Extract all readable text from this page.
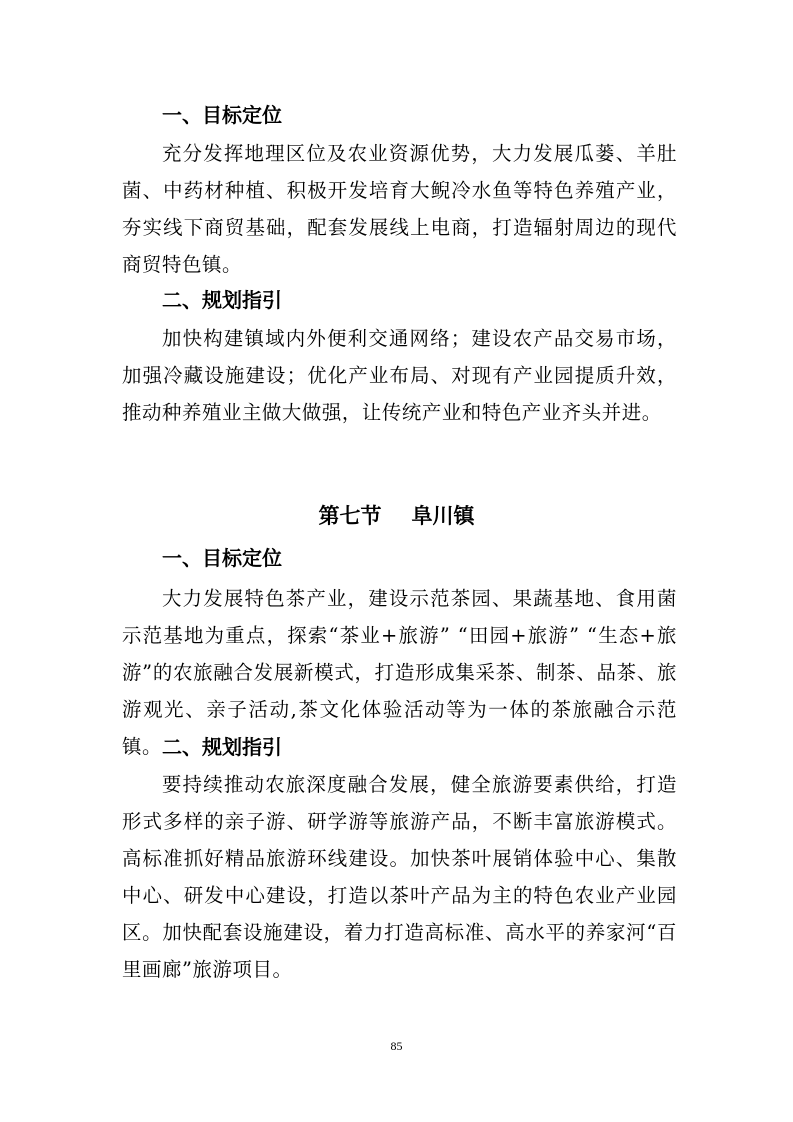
一、目标定位
充分发挥地理区位及农业资源优势，大力发展瓜蒌、羊肚菌、中药材种植、积极开发培育大鲵冷水鱼等特色养殖产业，夯实线下商贸基础，配套发展线上电商，打造辐射周边的现代商贸特色镇。
二、规划指引
加快构建镇域内外便利交通网络；建设农产品交易市场，加强冷藏设施建设；优化产业布局、对现有产业园提质升效，推动种养殖业主做大做强，让传统产业和特色产业齐头并进。
第七节 阜川镇
一、目标定位
大力发展特色茶产业，建设示范茶园、果蔬基地、食用菌示范基地为重点，探索“茶业+旅游” “田园+旅游” “生态+旅游”的农旅融合发展新模式，打造形成集采茶、制茶、品茶、旅游观光、亲子活动,茶文化体验活动等为一体的茶旅融合示范镇。 二、规划指引
要持续推动农旅深度融合发展，健全旅游要素供给，打造形式多样的亲子游、研学游等旅游产品，不断丰富旅游模式。高标准抓好精品旅游环线建设。加快茶叶展销体验中心、集散中心、研发中心建设，打造以茶叶产品为主的特色农业产业园区。加快配套设施建设，着力打造高标准、高水平的养家河“百里画廊”旅游项目。
85
